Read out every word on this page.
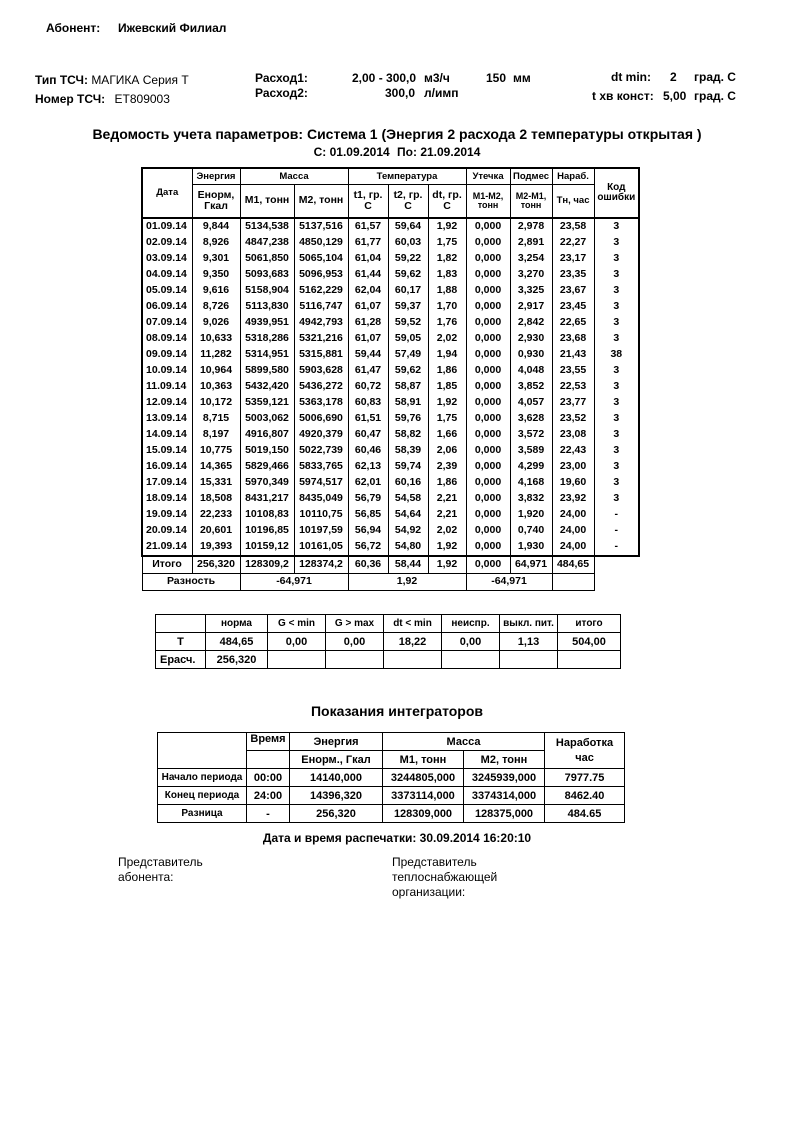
Абонент: Ижевский Филиал
Тип ТСЧ: МАГИКА Серия Т
Номер ТСЧ: ET809003
Расход1:	2,00 - 300,0 м3/ч	150 мм
Расход2:	300,0 л/имп
dt min: 2 град. С
t хв конст: 5,00 град. С
Ведомость учета параметров: Система 1 (Энергия 2 расхода 2 температуры открытая )
С: 01.09.2014 По: 21.09.2014
Дата	Энергия	Масса		Температура			Утечка	Подмес	Нараб.	Код ошибки
	Енорм, Гкал	М1, тонн	М2, тонн	t1, гр. С	t2, гр. С	dt, гр. С	М1-М2, тонн	М2-М1, тонн	Тн, час	
01.09.14	9,844	5134,538	5137,516	61,57	59,64	1,92	0,000	2,978	23,58	3
02.09.14	8,926	4847,238	4850,129	61,77	60,03	1,75	0,000	2,891	22,27	3
03.09.14	9,301	5061,850	5065,104	61,04	59,22	1,82	0,000	3,254	23,17	3
04.09.14	9,350	5093,683	5096,953	61,44	59,62	1,83	0,000	3,270	23,35	3
05.09.14	9,616	5158,904	5162,229	62,04	60,17	1,88	0,000	3,325	23,67	3
06.09.14	8,726	5113,830	5116,747	61,07	59,37	1,70	0,000	2,917	23,45	3
07.09.14	9,026	4939,951	4942,793	61,28	59,52	1,76	0,000	2,842	22,65	3
08.09.14	10,633	5318,286	5321,216	61,07	59,05	2,02	0,000	2,930	23,68	3
09.09.14	11,282	5314,951	5315,881	59,44	57,49	1,94	0,000	0,930	21,43	38
10.09.14	10,964	5899,580	5903,628	61,47	59,62	1,86	0,000	4,048	23,55	3
11.09.14	10,363	5432,420	5436,272	60,72	58,87	1,85	0,000	3,852	22,53	3
12.09.14	10,172	5359,121	5363,178	60,83	58,91	1,92	0,000	4,057	23,77	3
13.09.14	8,715	5003,062	5006,690	61,51	59,76	1,75	0,000	3,628	23,52	3
14.09.14	8,197	4916,807	4920,379	60,47	58,82	1,66	0,000	3,572	23,08	3
15.09.14	10,775	5019,150	5022,739	60,46	58,39	2,06	0,000	3,589	22,43	3
16.09.14	14,365	5829,466	5833,765	62,13	59,74	2,39	0,000	4,299	23,00	3
17.09.14	15,331	5970,349	5974,517	62,01	60,16	1,86	0,000	4,168	19,60	3
18.09.14	18,508	8431,217	8435,049	56,79	54,58	2,21	0,000	3,832	23,92	3
19.09.14	22,233	10108,83	10110,75	56,85	54,64	2,21	0,000	1,920	24,00	-
20.09.14	20,601	10196,85	10197,59	56,94	54,92	2,02	0,000	0,740	24,00	-
21.09.14	19,393	10159,12	10161,05	56,72	54,80	1,92	0,000	1,930	24,00	-
Итого	256,320	128309,2	128374,2	60,36	58,44	1,92	0,000	64,971	484,65	
Разность		-64,971		1,92			-64,971			
	норма	G < min	G > max	dt < min	неиспр.	выкл. пит.	итого
T	484,65	0,00	0,00	18,22	0,00	1,13	504,00
Ерасч.	256,320						
Показания интеграторов
	Время	Энергия	Масса		Наработка час
		Енорм., Гкал	М1, тонн	М2, тонн	
Начало периода	00:00	14140,000	3244805,000	3245939,000	7977.75
Конец периода	24:00	14396,320	3373114,000	3374314,000	8462.40
Разница	-	256,320	128309,000	128375,000	484.65
Дата и время распечатки: 30.09.2014 16:20:10
Представитель
абонента:
Представитель
теплоснабжающей
организации:
